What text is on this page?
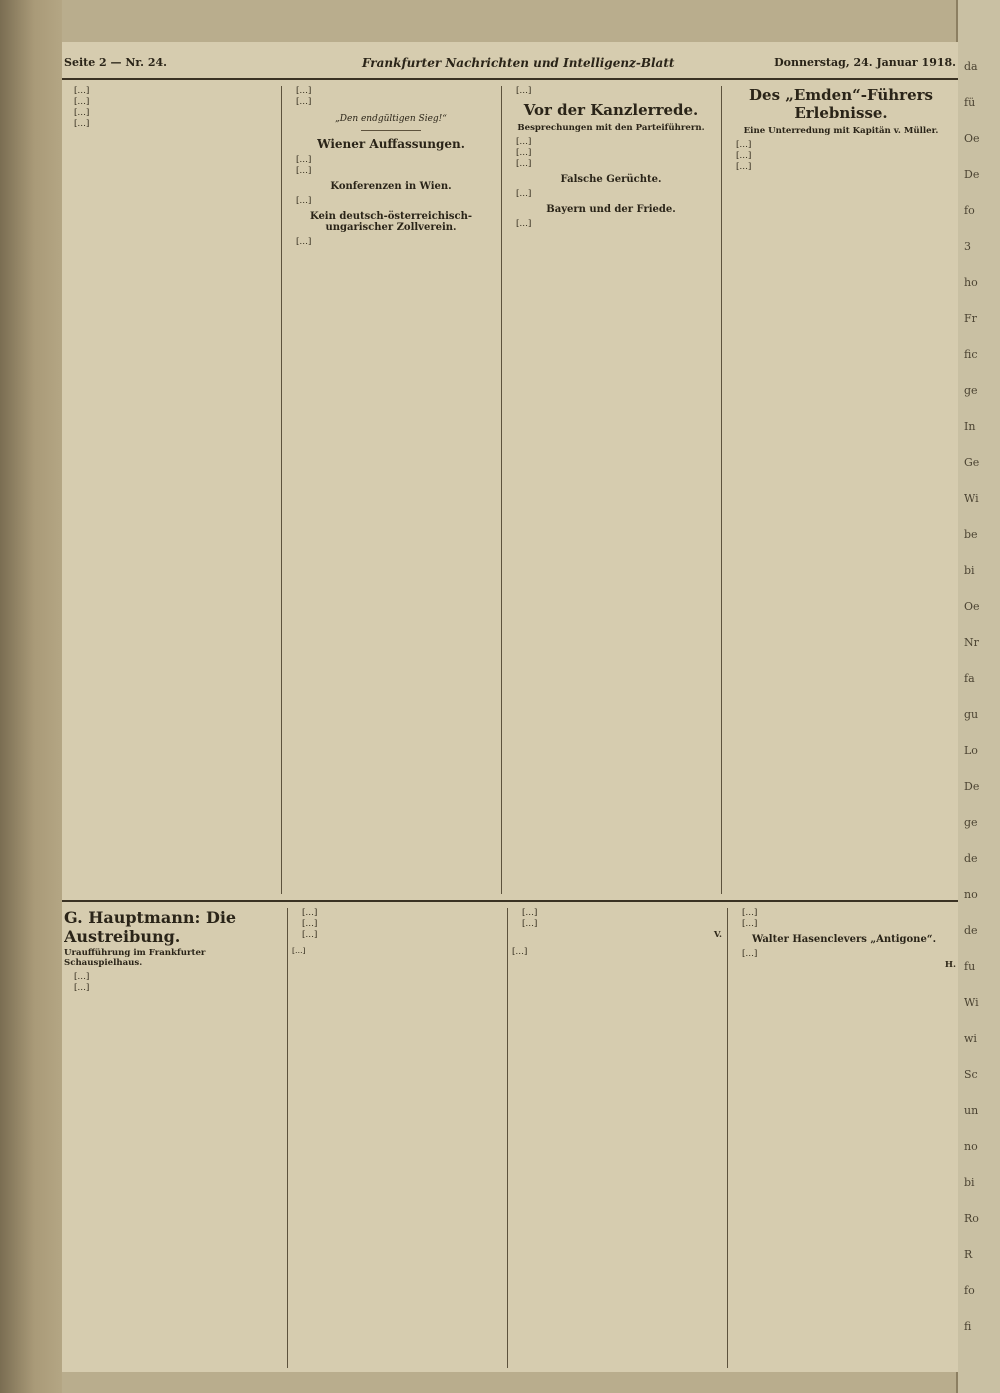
da
fü
Oe
De
fo
3
ho
Fr
fic
ge
In
Ge
Wi
be
bi
Oe
Nr
fa
gu
Lo
De
ge
de
no
de
fu
Wi
wi
Sc
un
no
bi
Ro
R
fo
fi
Seite 2 — Nr. 24.	Frankfurter Nachrichten und Intelligenz-Blatt	Donnerstag, 24. Januar 1918.

[…]

[…]

[…]

[…]

[…]

[…]

„Den endgültigen Sieg!“
Wiener Auffassungen.

[…]

[…]

Konferenzen in Wien.

[…]

Kein deutsch-österreichisch-ungarischer Zollverein.

[…]

[…]

Vor der Kanzlerrede.
Besprechungen mit den Parteiführern.

[…]

[…]

[…]

Falsche Gerüchte.

[…]

Bayern und der Friede.

[…]

Des „Emden“-Führers Erlebnisse.
Eine Unterredung mit Kapitän v. Müller.

[…]

[…]

[…]

G. Hauptmann: Die Austreibung.
Uraufführung im Frankfurter Schauspielhaus.

[…]

[…]

[…]

[…]

[…]

[…]

[…]

[…]

V.

[…]

[…]

[…]

Walter Hasenclevers „Antigone“.

[…]

H.
